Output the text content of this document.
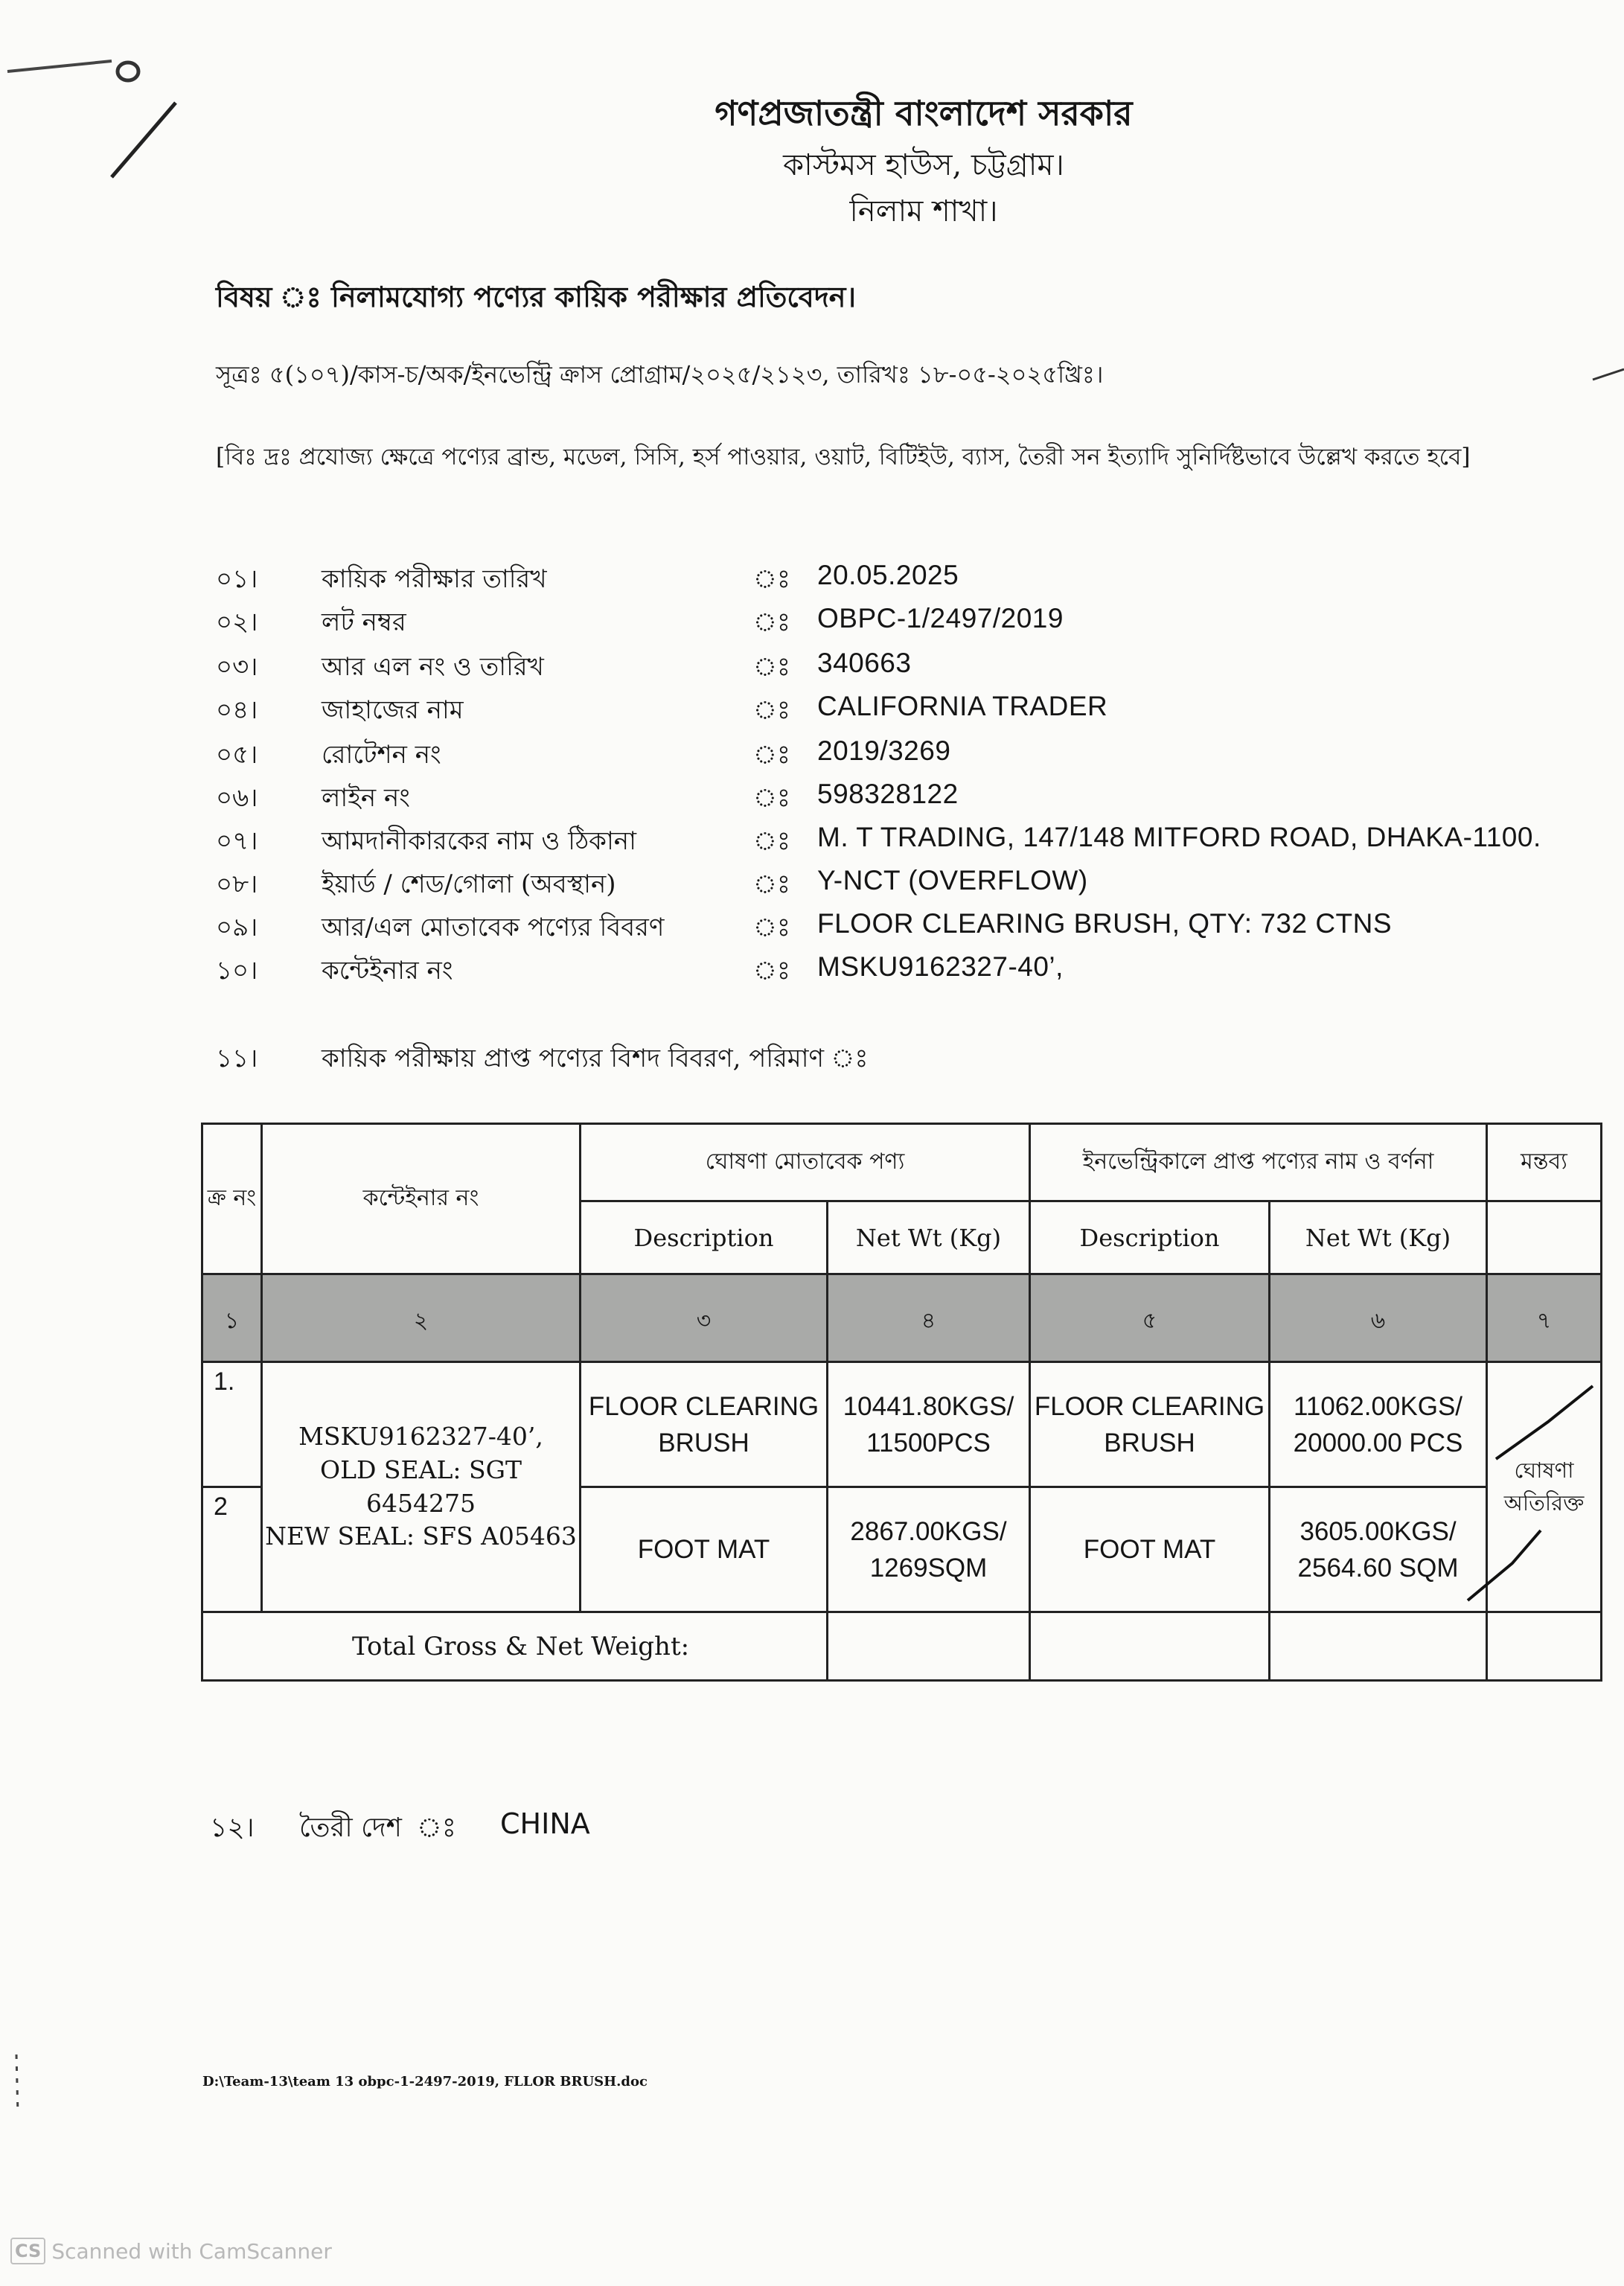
গণপ্রজাতন্ত্রী বাংলাদেশ সরকার
কাস্টমস হাউস, চট্টগ্রাম।
নিলাম শাখা।
বিষয় ঃ নিলামযোগ্য পণ্যের কায়িক পরীক্ষার প্রতিবেদন।
সূত্রঃ ৫(১০৭)/কাস-চ/অক/ইনভেন্ট্রি ক্রাস প্রোগ্রাম/২০২৫/২১২৩, তারিখঃ ১৮-০৫-২০২৫খ্রিঃ।
[বিঃ দ্রঃ প্রযোজ্য ক্ষেত্রে পণ্যের ব্রান্ড, মডেল, সিসি, হর্স পাওয়ার, ওয়াট, বিটিইউ, ব্যাস, তৈরী সন ইত্যাদি সুনির্দিষ্টভাবে উল্লেখ করতে হবে]
০১।	কায়িক পরীক্ষার তারিখ	ঃ 20.05.2025
০২।	লট নম্বর	ঃ OBPC-1/2497/2019
০৩।	আর এল নং ও তারিখ	ঃ 340663
০৪।	জাহাজের নাম	ঃ CALIFORNIA TRADER
০৫।	রোটেশন নং	ঃ 2019/3269
০৬।	লাইন নং	ঃ 598328122
০৭।	আমদানীকারকের নাম ও ঠিকানা	ঃ M. T TRADING, 147/148 MITFORD ROAD, DHAKA-1100.
০৮।	ইয়ার্ড / শেড/গোলা (অবস্থান)	ঃ Y-NCT (OVERFLOW)
০৯।	আর/এল মোতাবেক পণ্যের বিবরণ	ঃ FLOOR CLEARING BRUSH, QTY: 732 CTNS
১০।	কন্টেইনার নং	ঃ MSKU9162327-40’,
১১।	কায়িক পরীক্ষায় প্রাপ্ত পণ্যের বিশদ বিবরণ, পরিমাণ ঃ
ক্র নং	কন্টেইনার নং	ঘোষণা মোতাবেক পণ্য		ইনভেন্ট্রিকালে প্রাপ্ত পণ্যের নাম ও বর্ণনা		মন্তব্য
		Description	Net Wt (Kg)	Description	Net Wt (Kg)	
১	২	৩	৪	৫	৬	৭
1.	MSKU9162327-40’,
OLD SEAL: SGT 6454275
NEW SEAL: SFS A05463	FLOOR CLEARING BRUSH	10441.80KGS/ 11500PCS	FLOOR CLEARING BRUSH	11062.00KGS/ 20000.00 PCS	ঘোষণা অতিরিক্ত
2		FOOT MAT	2867.00KGS/ 1269SQM	FOOT MAT	3605.00KGS/ 2564.60 SQM	
Total Gross & Net Weight:						
১২। তৈরী দেশ ঃ CHINA
D:\Team-13\team 13 obpc-1-2497-2019, FLLOR BRUSH.doc
CS Scanned with CamScanner
